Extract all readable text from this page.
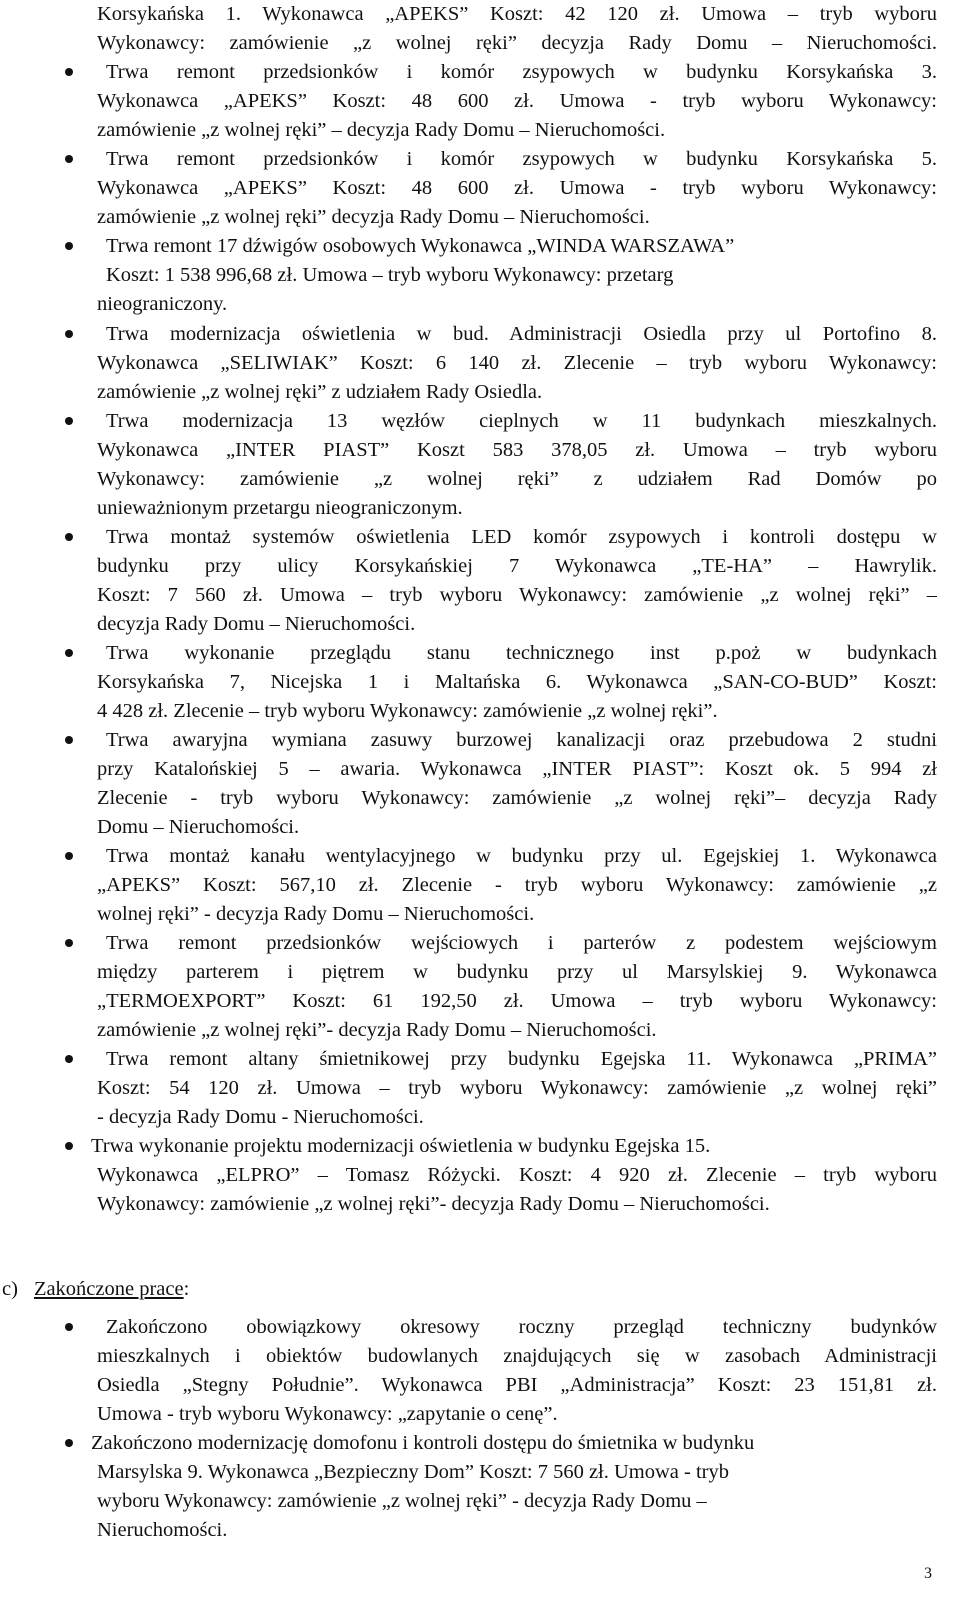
Korsykańska 1. Wykonawca „APEKS” Koszt: 42 120 zł. Umowa – tryb wyboru
Wykonawcy: zamówienie „z wolnej ręki” decyzja Rady Domu – Nieruchomości.
Trwa remont przedsionków i komór zsypowych w budynku Korsykańska 3.
Wykonawca „APEKS” Koszt: 48 600 zł. Umowa - tryb wyboru Wykonawcy:
zamówienie „z wolnej ręki” – decyzja Rady Domu – Nieruchomości.
Trwa remont przedsionków i komór zsypowych w budynku Korsykańska 5.
Wykonawca „APEKS” Koszt: 48 600 zł. Umowa - tryb wyboru Wykonawcy:
zamówienie „z wolnej ręki” decyzja Rady Domu – Nieruchomości.
Trwa remont 17 dźwigów osobowych Wykonawca „WINDA WARSZAWA”
Koszt: 1 538 996,68 zł. Umowa – tryb wyboru Wykonawcy: przetarg
nieograniczony.
Trwa modernizacja oświetlenia w bud. Administracji Osiedla przy ul Portofino 8.
Wykonawca „SELIWIAK” Koszt: 6 140 zł. Zlecenie – tryb wyboru Wykonawcy:
zamówienie „z wolnej ręki” z udziałem Rady Osiedla.
Trwa modernizacja 13 węzłów cieplnych w 11 budynkach mieszkalnych.
Wykonawca „INTER PIAST” Koszt 583 378,05 zł. Umowa – tryb wyboru
Wykonawcy: zamówienie „z wolnej ręki” z udziałem Rad Domów po
unieważnionym przetargu nieograniczonym.
Trwa montaż systemów oświetlenia LED komór zsypowych i kontroli dostępu w
budynku przy ulicy Korsykańskiej 7 Wykonawca „TE-HA” – Hawrylik.
Koszt: 7 560 zł. Umowa – tryb wyboru Wykonawcy: zamówienie „z wolnej ręki” –
decyzja Rady Domu – Nieruchomości.
Trwa wykonanie przeglądu stanu technicznego inst p.poż w budynkach
Korsykańska 7, Nicejska 1 i Maltańska 6. Wykonawca „SAN-CO-BUD” Koszt:
4 428 zł. Zlecenie – tryb wyboru Wykonawcy: zamówienie „z wolnej ręki”.
Trwa awaryjna wymiana zasuwy burzowej kanalizacji oraz przebudowa 2 studni
przy Katalońskiej 5 – awaria. Wykonawca „INTER PIAST”: Koszt ok. 5 994 zł
Zlecenie - tryb wyboru Wykonawcy: zamówienie „z wolnej ręki”– decyzja Rady
Domu – Nieruchomości.
Trwa montaż kanału wentylacyjnego w budynku przy ul. Egejskiej 1. Wykonawca
„APEKS” Koszt: 567,10 zł. Zlecenie - tryb wyboru Wykonawcy: zamówienie „z
wolnej ręki” - decyzja Rady Domu – Nieruchomości.
Trwa remont przedsionków wejściowych i parterów z podestem wejściowym
między parterem i piętrem w budynku przy ul Marsylskiej 9. Wykonawca
„TERMOEXPORT” Koszt: 61 192,50 zł. Umowa – tryb wyboru Wykonawcy:
zamówienie „z wolnej ręki”- decyzja Rady Domu – Nieruchomości.
Trwa remont altany śmietnikowej przy budynku Egejska 11. Wykonawca „PRIMA”
Koszt: 54 120 zł. Umowa – tryb wyboru Wykonawcy: zamówienie „z wolnej ręki”
- decyzja Rady Domu - Nieruchomości.
Trwa wykonanie projektu modernizacji oświetlenia w budynku Egejska 15.
Wykonawca „ELPRO” – Tomasz Różycki. Koszt: 4 920 zł. Zlecenie – tryb wyboru
Wykonawcy: zamówienie „z wolnej ręki”- decyzja Rady Domu – Nieruchomości.
c) Zakończone prace:
Zakończono obowiązkowy okresowy roczny przegląd techniczny budynków
mieszkalnych i obiektów budowlanych znajdujących się w zasobach Administracji
Osiedla „Stegny Południe”. Wykonawca PBI „Administracja” Koszt: 23 151,81 zł.
Umowa - tryb wyboru Wykonawcy: „zapytanie o cenę”.
Zakończono modernizację domofonu i kontroli dostępu do śmietnika w budynku
Marsylska 9. Wykonawca „Bezpieczny Dom” Koszt: 7 560 zł. Umowa - tryb
wyboru Wykonawcy: zamówienie „z wolnej ręki” - decyzja Rady Domu –
Nieruchomości.
3
